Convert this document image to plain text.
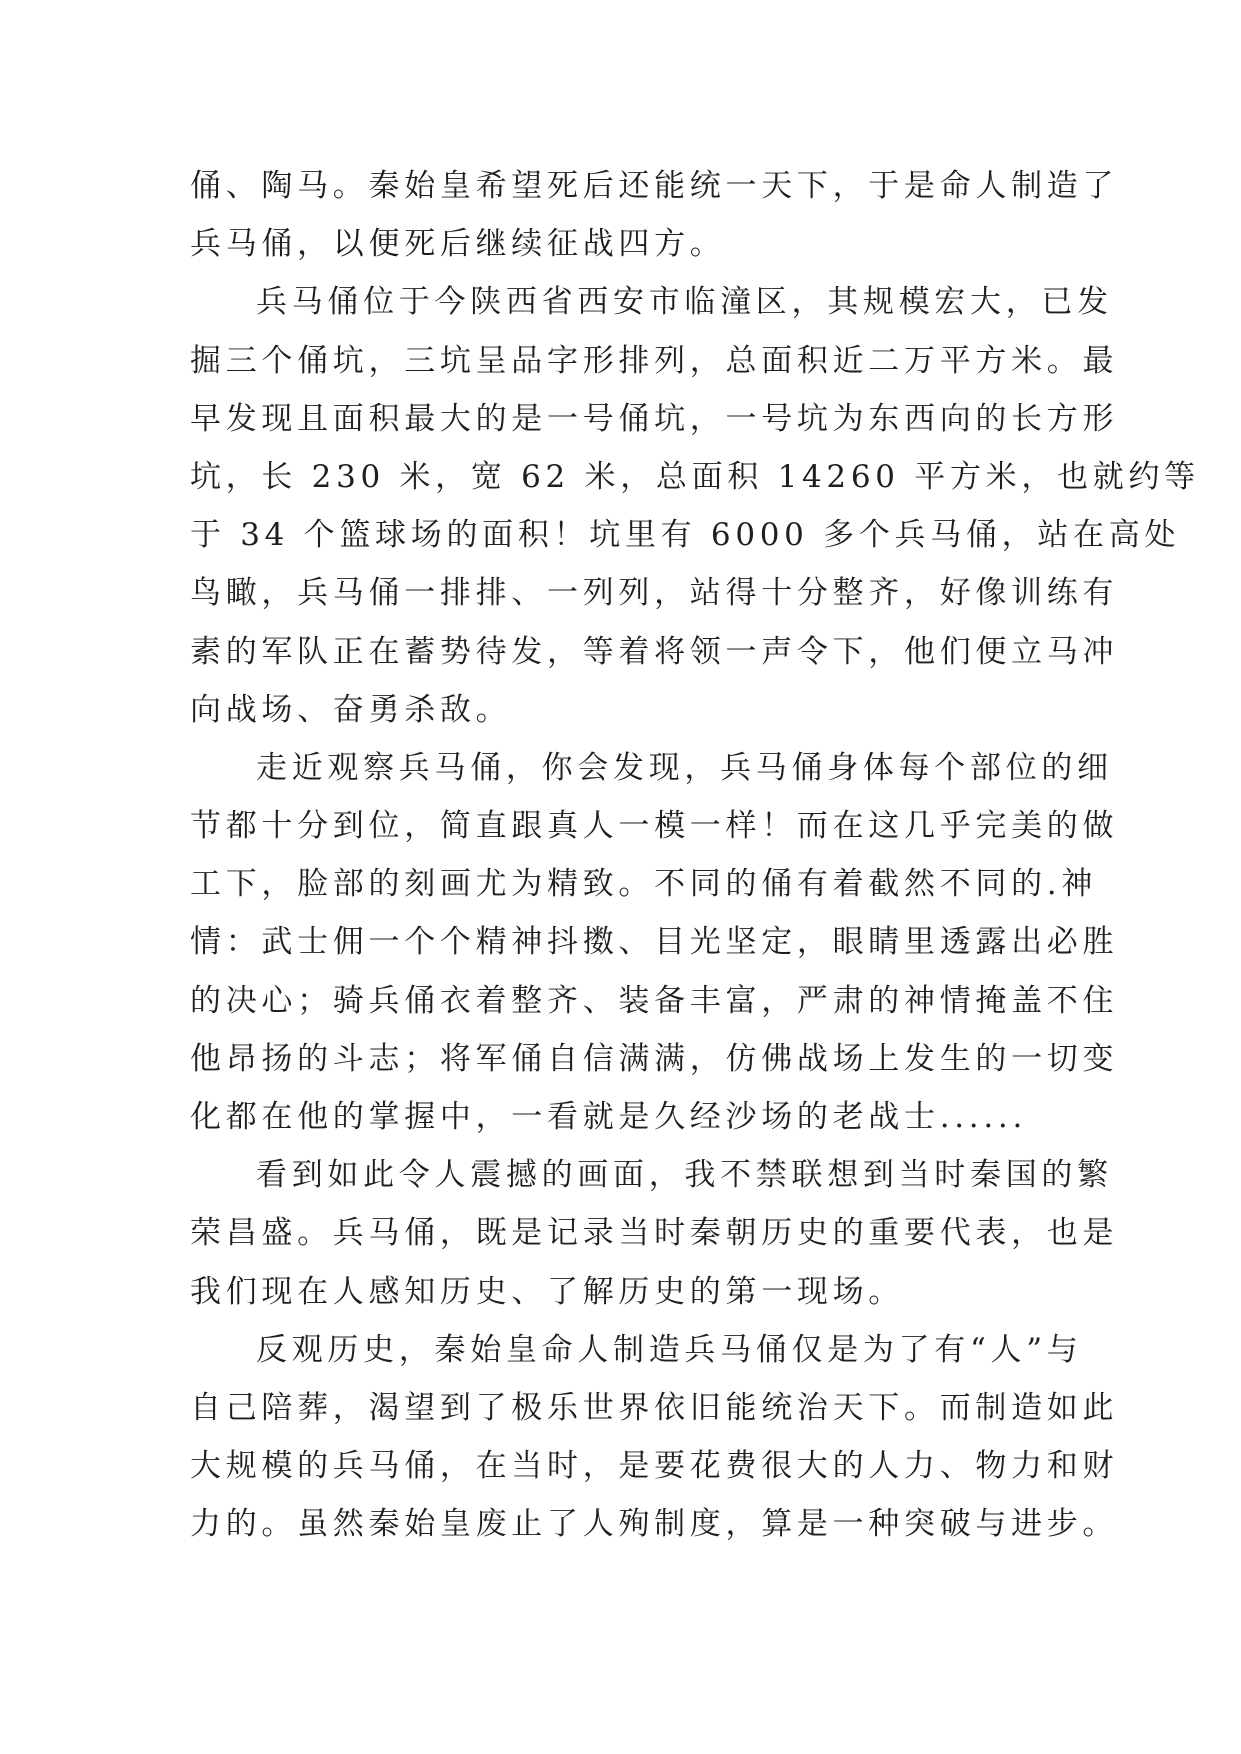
俑、陶马。秦始皇希望死后还能统一天下，于是命人制造了
兵马俑，以便死后继续征战四方。
兵马俑位于今陕西省西安市临潼区，其规模宏大，已发
掘三个俑坑，三坑呈品字形排列，总面积近二万平方米。最
早发现且面积最大的是一号俑坑，一号坑为东西向的长方形
坑，长 230 米，宽 62 米，总面积 14260 平方米，也就约等
于 34 个篮球场的面积！坑里有 6000 多个兵马俑，站在高处
鸟瞰，兵马俑一排排、一列列，站得十分整齐，好像训练有
素的军队正在蓄势待发，等着将领一声令下，他们便立马冲
向战场、奋勇杀敌。
走近观察兵马俑，你会发现，兵马俑身体每个部位的细
节都十分到位，简直跟真人一模一样！而在这几乎完美的做
工下，脸部的刻画尤为精致。不同的俑有着截然不同的.神
情：武士佣一个个精神抖擞、目光坚定，眼睛里透露出必胜
的决心；骑兵俑衣着整齐、装备丰富，严肃的神情掩盖不住
他昂扬的斗志；将军俑自信满满，仿佛战场上发生的一切变
化都在他的掌握中，一看就是久经沙场的老战士......
看到如此令人震撼的画面，我不禁联想到当时秦国的繁
荣昌盛。兵马俑，既是记录当时秦朝历史的重要代表，也是
我们现在人感知历史、了解历史的第一现场。
反观历史，秦始皇命人制造兵马俑仅是为了有“人”与
自己陪葬，渴望到了极乐世界依旧能统治天下。而制造如此
大规模的兵马俑，在当时，是要花费很大的人力、物力和财
力的。虽然秦始皇废止了人殉制度，算是一种突破与进步。
